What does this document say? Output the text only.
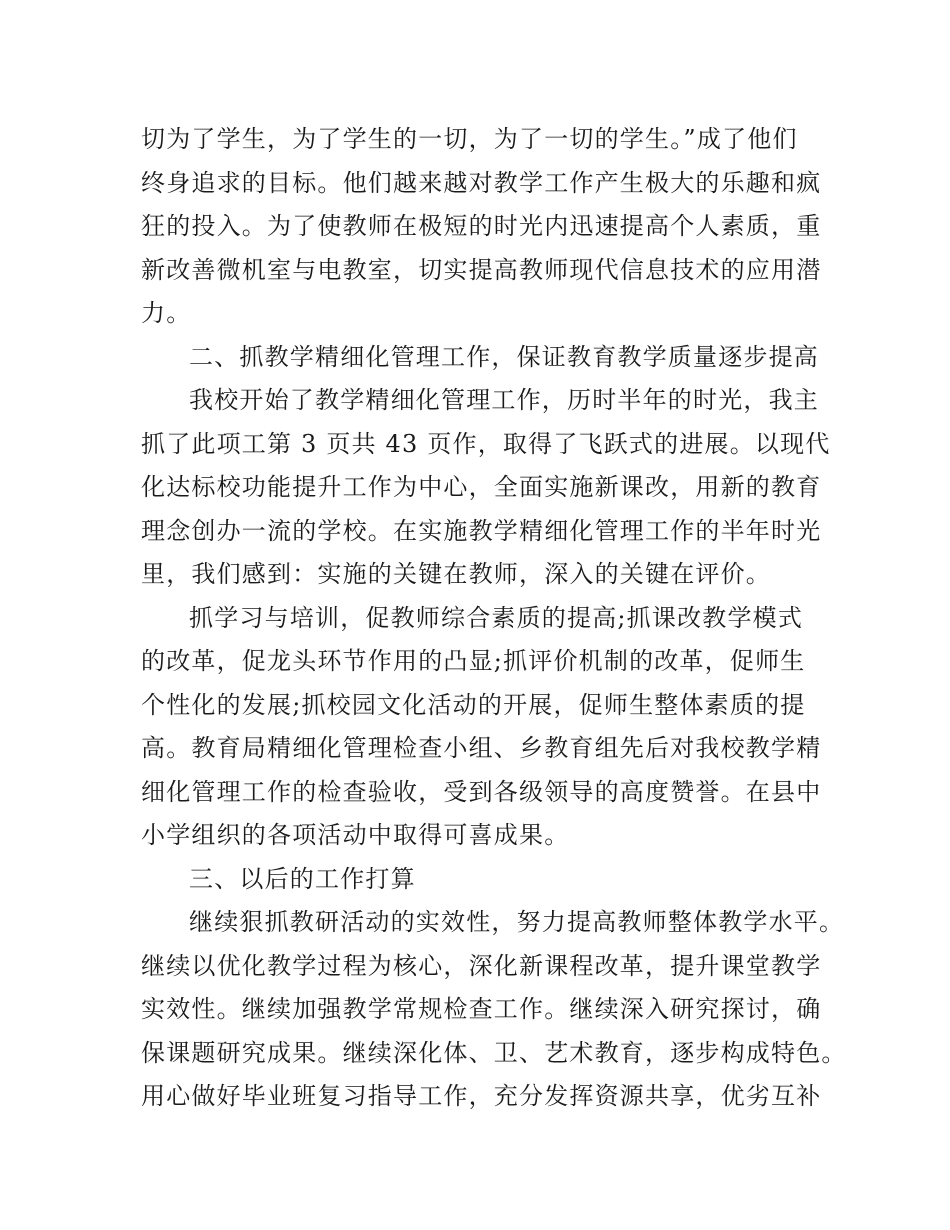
切为了学生，为了学生的一切，为了一切的学生。”成了他们
终身追求的目标。他们越来越对教学工作产生极大的乐趣和疯
狂的投入。为了使教师在极短的时光内迅速提高个人素质，重
新改善微机室与电教室，切实提高教师现代信息技术的应用潜
力。
二、抓教学精细化管理工作，保证教育教学质量逐步提高
我校开始了教学精细化管理工作，历时半年的时光，我主
抓了此项工第 3 页共 43 页作，取得了飞跃式的进展。以现代
化达标校功能提升工作为中心，全面实施新课改，用新的教育
理念创办一流的学校。在实施教学精细化管理工作的半年时光
里，我们感到：实施的关键在教师，深入的关键在评价。
抓学习与培训，促教师综合素质的提高;抓课改教学模式
的改革，促龙头环节作用的凸显;抓评价机制的改革，促师生
个性化的发展;抓校园文化活动的开展，促师生整体素质的提
高。教育局精细化管理检查小组、乡教育组先后对我校教学精
细化管理工作的检查验收，受到各级领导的高度赞誉。在县中
小学组织的各项活动中取得可喜成果。
三、以后的工作打算
继续狠抓教研活动的实效性，努力提高教师整体教学水平。
继续以优化教学过程为核心，深化新课程改革，提升课堂教学
实效性。继续加强教学常规检查工作。继续深入研究探讨，确
保课题研究成果。继续深化体、卫、艺术教育，逐步构成特色。
用心做好毕业班复习指导工作，充分发挥资源共享，优劣互补
